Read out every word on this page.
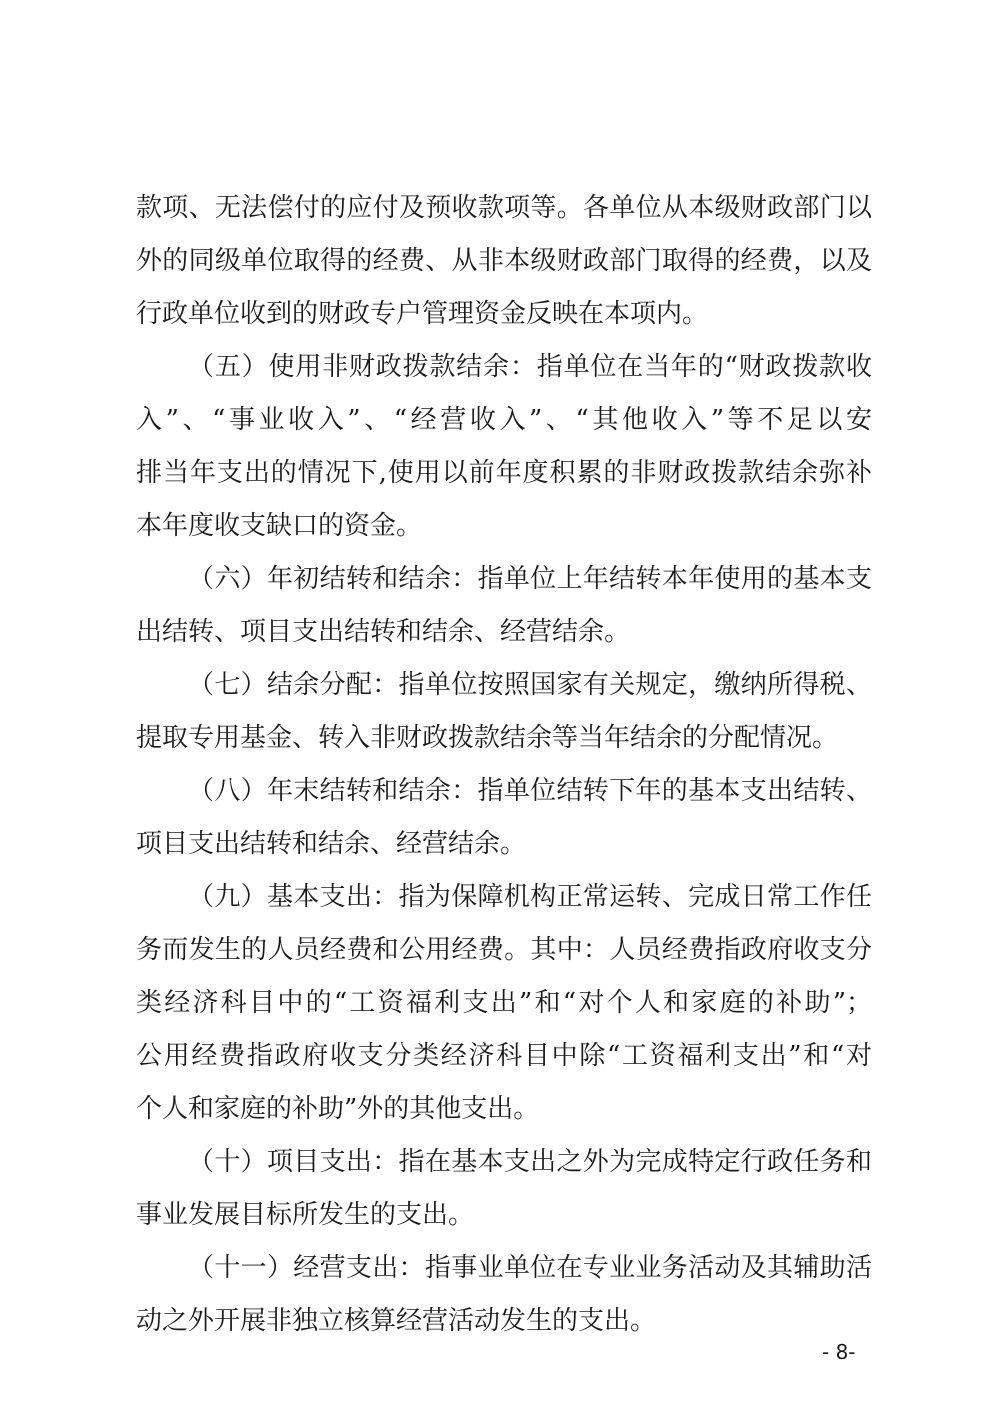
款项、无法偿付的应付及预收款项等。各单位从本级财政部门以
外的同级单位取得的经费、从非本级财政部门取得的经费，以及
行政单位收到的财政专户管理资金反映在本项内。
（五）使用非财政拨款结余：指单位在当年的“财政拨款收
入”、“事业收入”、“经营收入”、“其他收入”等不足以安
排当年支出的情况下,使用以前年度积累的非财政拨款结余弥补
本年度收支缺口的资金。
（六）年初结转和结余：指单位上年结转本年使用的基本支
出结转、项目支出结转和结余、经营结余。
（七）结余分配：指单位按照国家有关规定，缴纳所得税、
提取专用基金、转入非财政拨款结余等当年结余的分配情况。
（八）年末结转和结余：指单位结转下年的基本支出结转、
项目支出结转和结余、经营结余。
（九）基本支出：指为保障机构正常运转、完成日常工作任
务而发生的人员经费和公用经费。其中：人员经费指政府收支分
类经济科目中的“工资福利支出”和“对个人和家庭的补助”；
公用经费指政府收支分类经济科目中除“工资福利支出”和“对
个人和家庭的补助”外的其他支出。
（十）项目支出：指在基本支出之外为完成特定行政任务和
事业发展目标所发生的支出。
（十一）经营支出：指事业单位在专业业务活动及其辅助活
动之外开展非独立核算经营活动发生的支出。
- 8-
